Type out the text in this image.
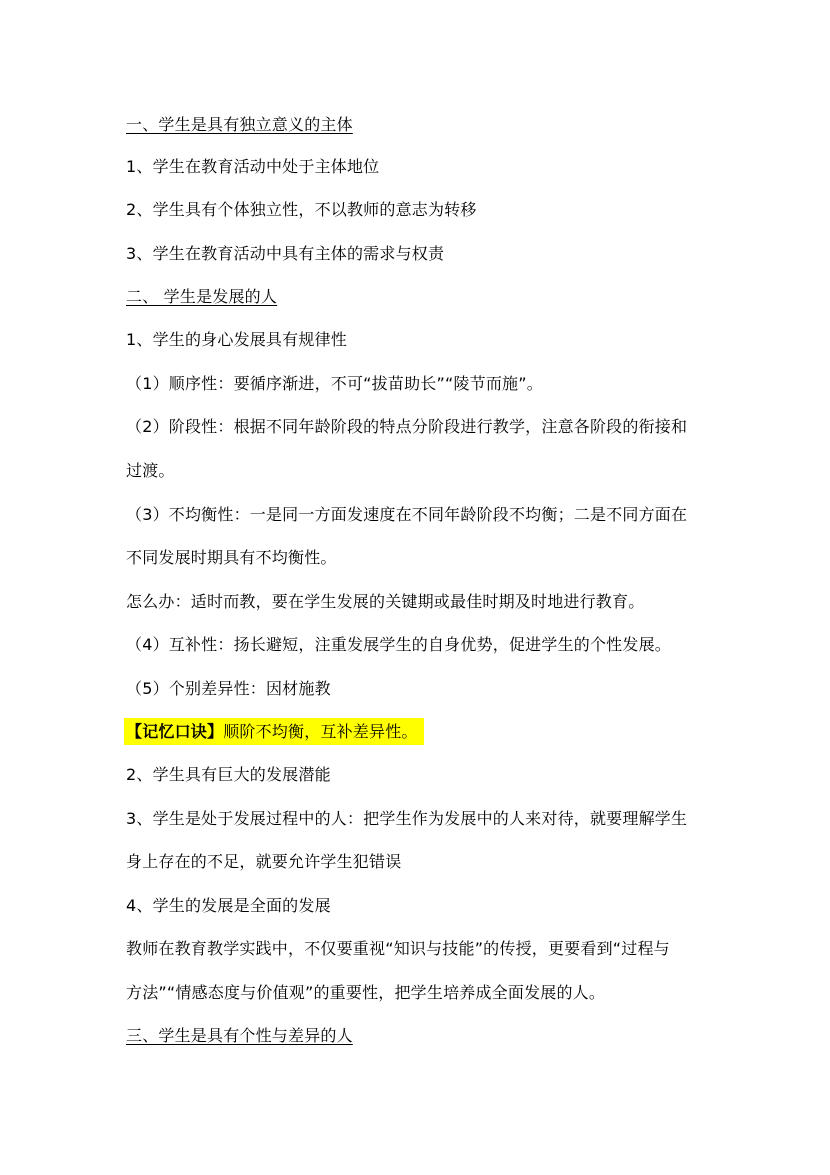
一、学生是具有独立意义的主体
1、学生在教育活动中处于主体地位
2、学生具有个体独立性，不以教师的意志为转移
3、学生在教育活动中具有主体的需求与权责
二、 学生是发展的人
1、学生的身心发展具有规律性
（1）顺序性：要循序渐进，不可“拔苗助长”“陵节而施”。
（2）阶段性：根据不同年龄阶段的特点分阶段进行教学，注意各阶段的衔接和
过渡。
（3）不均衡性：一是同一方面发速度在不同年龄阶段不均衡；二是不同方面在
不同发展时期具有不均衡性。
怎么办：适时而教，要在学生发展的关键期或最佳时期及时地进行教育。
（4）互补性：扬长避短，注重发展学生的自身优势，促进学生的个性发展。
（5）个别差异性：因材施教
【记忆口诀】顺阶不均衡，互补差异性。
2、学生具有巨大的发展潜能
3、学生是处于发展过程中的人：把学生作为发展中的人来对待，就要理解学生
身上存在的不足，就要允许学生犯错误
4、学生的发展是全面的发展
教师在教育教学实践中，不仅要重视“知识与技能”的传授，更要看到“过程与
方法”“情感态度与价值观”的重要性，把学生培养成全面发展的人。
三、学生是具有个性与差异的人
